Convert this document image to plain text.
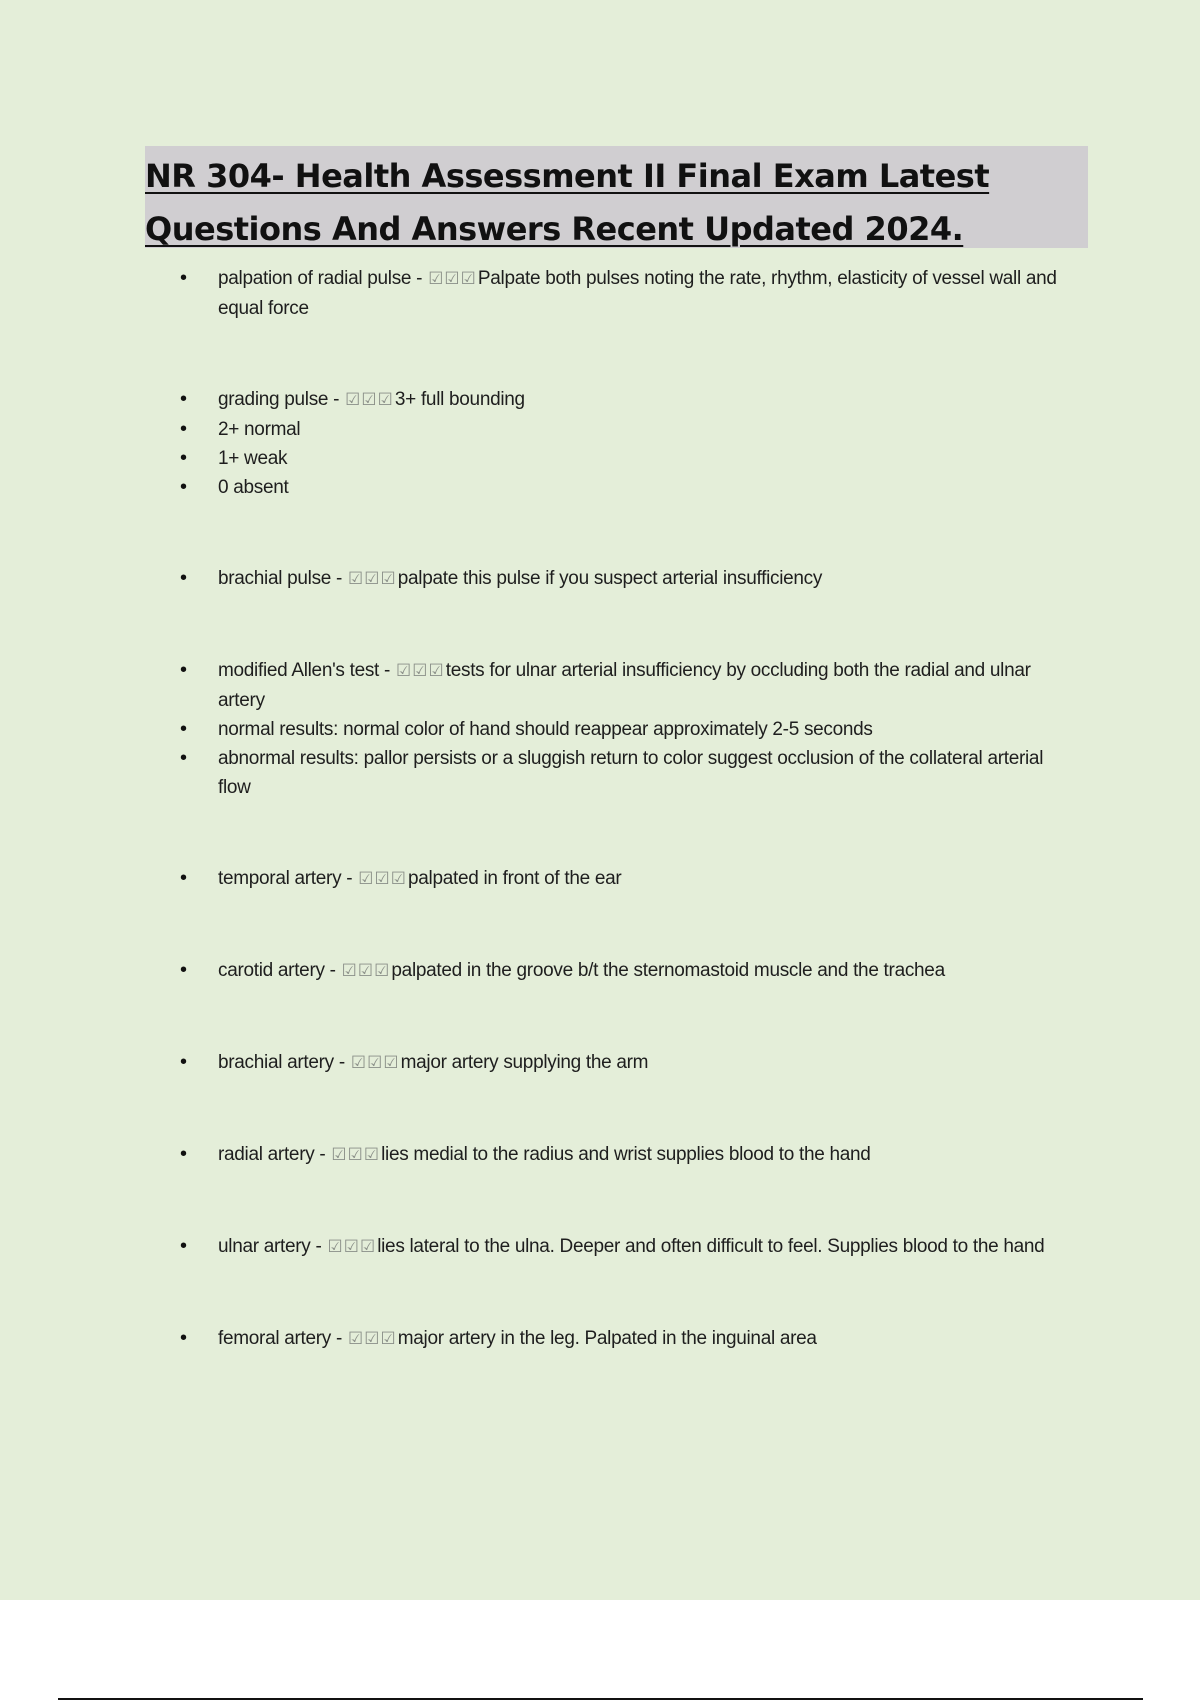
NR 304- Health Assessment II Final Exam Latest
Questions And Answers Recent Updated 2024.
• palpation of radial pulse - ☑☑☑Palpate both pulses noting the rate, rhythm, elasticity of vessel wall and equal force
• grading pulse - ☑☑☑3+ full bounding
• 2+ normal
• 1+ weak
• 0 absent
• brachial pulse - ☑☑☑palpate this pulse if you suspect arterial insufficiency
• modified Allen's test - ☑☑☑tests for ulnar arterial insufficiency by occluding both the radial and ulnar artery
• normal results: normal color of hand should reappear approximately 2-5 seconds
• abnormal results: pallor persists or a sluggish return to color suggest occlusion of the collateral arterial flow
• temporal artery - ☑☑☑palpated in front of the ear
• carotid artery - ☑☑☑palpated in the groove b/t the sternomastoid muscle and the trachea
• brachial artery - ☑☑☑major artery supplying the arm
• radial artery - ☑☑☑lies medial to the radius and wrist supplies blood to the hand
• ulnar artery - ☑☑☑lies lateral to the ulna. Deeper and often difficult to feel. Supplies blood to the hand
• femoral artery - ☑☑☑major artery in the leg. Palpated in the inguinal area
